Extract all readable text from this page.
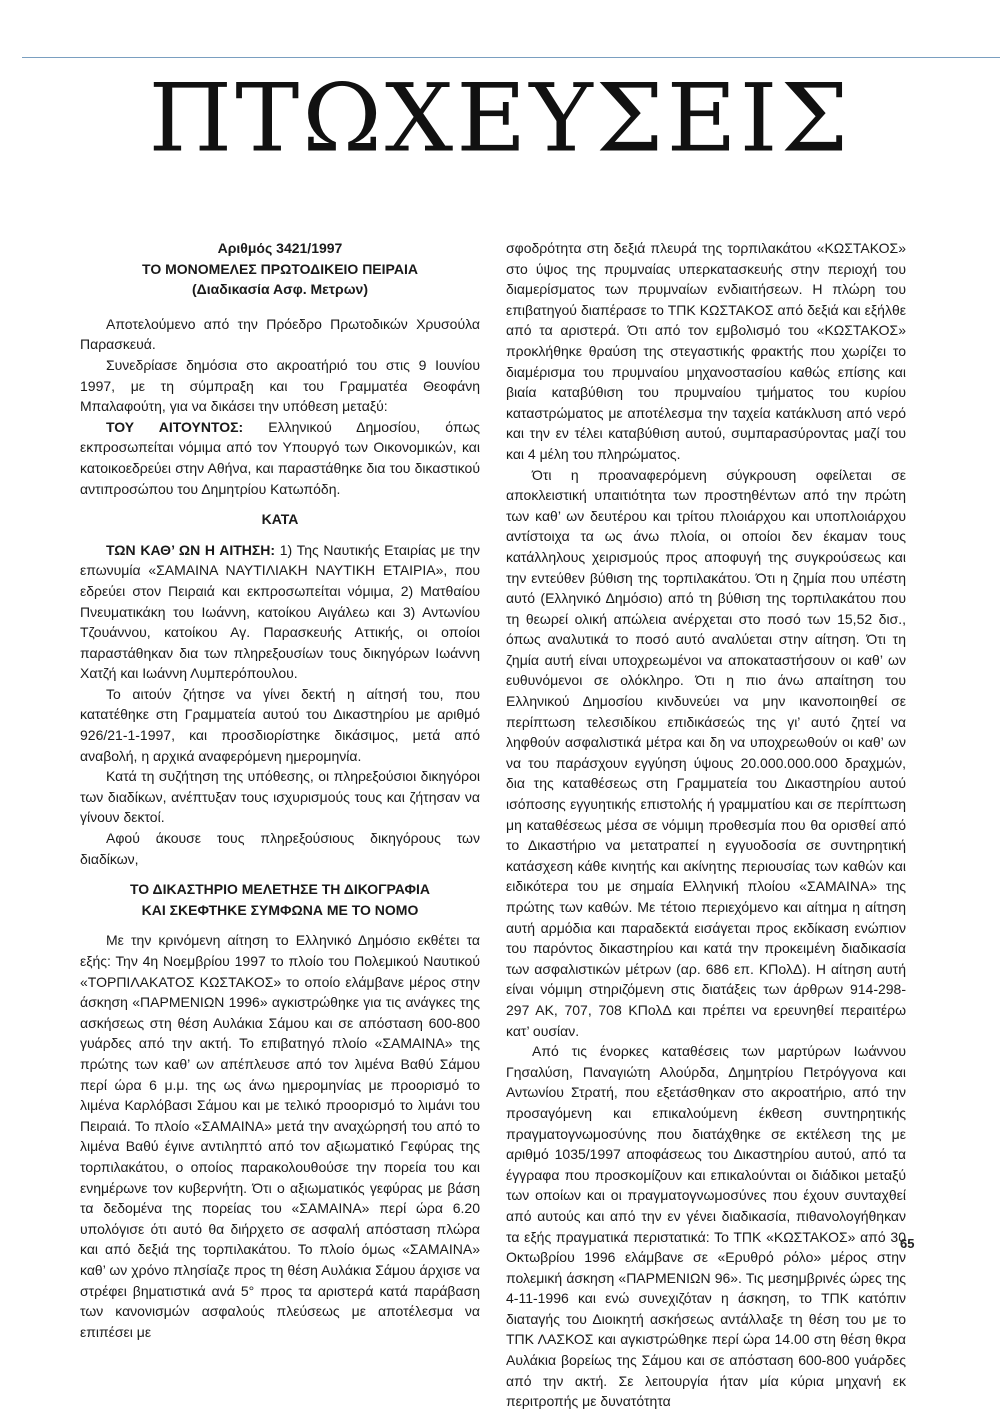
ΠΤΩΧΕΥΣΕΙΣ

Αριθμός 3421/1997

ΤΟ ΜΟΝΟΜΕΛΕΣ ΠΡΩΤΟΔΙΚΕΙΟ ΠΕΙΡΑΙΑ

(Διαδικασία Ασφ. Μετρων)

Αποτελούμενο από την Πρόεδρο Πρωτοδικών Χρυσούλα Παρασκευά.

Συνεδρίασε δημόσια στο ακροατήριό του στις 9 Ιουνίου 1997, με τη σύμπραξη και του Γραμματέα Θεοφάνη Μπαλαφούτη, για να δικάσει την υπόθεση μεταξύ:

ΤΟΥ ΑΙΤΟΥΝΤΟΣ: Ελληνικού Δημοσίου, όπως εκπροσωπείται νόμιμα από τον Υπουργό των Οικονομικών, και κατοικοεδρεύει στην Αθήνα, και παραστάθηκε δια του δικαστικού αντιπροσώπου του Δημητρίου Κατωπόδη.

ΚΑΤΑ

ΤΩΝ ΚΑΘ’ ΩΝ Η ΑΙΤΗΣΗ: 1) Της Ναυτικής Εταιρίας με την επωνυμία «ΣΑΜΑΙΝΑ ΝΑΥΤΙΛΙΑΚΗ ΝΑΥΤΙΚΗ ΕΤΑΙΡΙΑ», που εδρεύει στον Πειραιά και εκπροσωπείται νόμιμα, 2) Ματθαίου Πνευματικάκη του Ιωάννη, κατοίκου Αιγάλεω και 3) Αντωνίου Τζουάννου, κατοίκου Αγ. Παρασκευής Αττικής, οι οποίοι παραστάθηκαν δια των πληρεξουσίων τους δικηγόρων Ιωάννη Χατζή και Ιωάννη Λυμπερόπουλου.

Το αιτούν ζήτησε να γίνει δεκτή η αίτησή του, που κατατέθηκε στη Γραμματεία αυτού του Δικαστηρίου με αριθμό 926/21-1-1997, και προσδιορίστηκε δικάσιμος, μετά από αναβολή, η αρχικά αναφερόμενη ημερομηνία.

Κατά τη συζήτηση της υπόθεσης, οι πληρεξούσιοι δικηγόροι των διαδίκων, ανέπτυξαν τους ισχυρισμούς τους και ζήτησαν να γίνουν δεκτοί.

Αφού άκουσε τους πληρεξούσιους δικηγόρους των διαδίκων,

ΤΟ ΔΙΚΑΣΤΗΡΙΟ ΜΕΛΕΤΗΣΕ ΤΗ ΔΙΚΟΓΡΑΦΙΑ

ΚΑΙ ΣΚΕΦΤΗΚΕ ΣΥΜΦΩΝΑ ΜΕ ΤΟ ΝΟΜΟ

Με την κρινόμενη αίτηση το Ελληνικό Δημόσιο εκθέτει τα εξής: Την 4η Νοεμβρίου 1997 το πλοίο του Πολεμικού Ναυτικού «ΤΟΡΠΙΛΑΚΑΤΟΣ ΚΩΣΤΑΚΟΣ» το οποίο ελάμβανε μέρος στην άσκηση «ΠΑΡΜΕΝΙΩΝ 1996» αγκιστρώθηκε για τις ανάγκες της ασκήσεως στη θέση Αυλάκια Σάμου και σε απόσταση 600-800 γυάρδες από την ακτή. Το επιβατηγό πλοίο «ΣΑΜΑΙΝΑ» της πρώτης των καθ’ ων απέπλευσε από τον λιμένα Βαθύ Σάμου περί ώρα 6 μ.μ. της ως άνω ημερομηνίας με προορισμό το λιμένα Καρλόβασι Σάμου και με τελικό προορισμό το λιμάνι του Πειραιά. Το πλοίο «ΣΑΜΑΙΝΑ» μετά την αναχώρησή του από το λιμένα Βαθύ έγινε αντιληπτό από τον αξιωματικό Γεφύρας της τορπιλακάτου, ο οποίος παρακολουθούσε την πορεία του και ενημέρωνε τον κυβερνήτη. Ότι ο αξιωματικός γεφύρας με βάση τα δεδομένα της πορείας του «ΣΑΜΑΙΝΑ» περί ώρα 6.20 υπολόγισε ότι αυτό θα διήρχετο σε ασφαλή απόσταση πλώρα και από δεξιά της τορπιλακάτου. Το πλοίο όμως «ΣΑΜΑΙΝΑ» καθ’ ων χρόνο πλησίαζε προς τη θέση Αυλάκια Σάμου άρχισε να στρέφει βηματιστικά ανά 5° προς τα αριστερά κατά παράβαση των κανονισμών ασφαλούς πλεύσεως με αποτέλεσμα να επιπέσει με

σφοδρότητα στη δεξιά πλευρά της τορπιλακάτου «ΚΩΣΤΑΚΟΣ» στο ύψος της πρυμναίας υπερκατασκευής στην περιοχή του διαμερίσματος των πρυμναίων ενδιαιτήσεων. Η πλώρη του επιβατηγού διαπέρασε το ΤΠΚ ΚΩΣΤΑΚΟΣ από δεξιά και εξήλθε από τα αριστερά. Ότι από τον εμβολισμό του «ΚΩΣΤΑΚΟΣ» προκλήθηκε θραύση της στεγαστικής φρακτής που χωρίζει το διαμέρισμα του πρυμναίου μηχανοστασίου καθώς επίσης και βιαία καταβύθιση του πρυμναίου τμήματος του κυρίου καταστρώματος με αποτέλεσμα την ταχεία κατάκλυση από νερό και την εν τέλει καταβύθιση αυτού, συμπαρασύροντας μαζί του και 4 μέλη του πληρώματος.

Ότι η προαναφερόμενη σύγκρουση οφείλεται σε αποκλειστική υπαιτιότητα των προστηθέντων από την πρώτη των καθ’ ων δευτέρου και τρίτου πλοιάρχου και υποπλοιάρχου αντίστοιχα τα ως άνω πλοία, οι οποίοι δεν έκαμαν τους κατάλληλους χειρισμούς προς αποφυγή της συγκρούσεως και την εντεύθεν βύθιση της τορπιλακάτου. Ότι η ζημία που υπέστη αυτό (Ελληνικό Δημόσιο) από τη βύθιση της τορπιλακάτου που τη θεωρεί ολική απώλεια ανέρχεται στο ποσό των 15,52 δισ., όπως αναλυτικά το ποσό αυτό αναλύεται στην αίτηση. Ότι τη ζημία αυτή είναι υποχρεωμένοι να αποκαταστήσουν οι καθ’ ων ευθυνόμενοι σε ολόκληρο. Ότι η πιο άνω απαίτηση του Ελληνικού Δημοσίου κινδυνεύει να μην ικανοποιηθεί σε περίπτωση τελεσιδίκου επιδικάσεώς της γι’ αυτό ζητεί να ληφθούν ασφαλιστικά μέτρα και δη να υποχρεωθούν οι καθ’ ων να του παράσχουν εγγύηση ύψους 20.000.000.000 δραχμών, δια της καταθέσεως στη Γραμματεία του Δικαστηρίου αυτού ισόποσης εγγυητικής επιστολής ή γραμματίου και σε περίπτωση μη καταθέσεως μέσα σε νόμιμη προθεσμία που θα ορισθεί από το Δικαστήριο να μετατραπεί η εγγυοδοσία σε συντηρητική κατάσχεση κάθε κινητής και ακίνητης περιουσίας των καθών και ειδικότερα του με σημαία Ελληνική πλοίου «ΣΑΜΑΙΝΑ» της πρώτης των καθών. Με τέτοιο περιεχόμενο και αίτημα η αίτηση αυτή αρμόδια και παραδεκτά εισάγεται προς εκδίκαση ενώπιον του παρόντος δικαστηρίου και κατά την προκειμένη διαδικασία των ασφαλιστικών μέτρων (αρ. 686 επ. ΚΠολΔ). Η αίτηση αυτή είναι νόμιμη στηριζόμενη στις διατάξεις των άρθρων 914-298-297 ΑΚ, 707, 708 ΚΠολΔ και πρέπει να ερευνηθεί περαιτέρω κατ’ ουσίαν.

Από τις ένορκες καταθέσεις των μαρτύρων Ιωάννου Γησαλύση, Παναγιώτη Αλούρδα, Δημητρίου Πετρόγγονα και Αντωνίου Στρατή, που εξετάσθηκαν στο ακροατήριο, από την προσαγόμενη και επικαλούμενη έκθεση συντηρητικής πραγματογνωμοσύνης που διατάχθηκε σε εκτέλεση της με αριθμό 1035/1997 αποφάσεως του Δικαστηρίου αυτού, από τα έγγραφα που προσκομίζουν και επικαλούνται οι διάδικοι μεταξύ των οποίων και οι πραγματογνωμοσύνες που έχουν συνταχθεί από αυτούς και από την εν γένει διαδικασία, πιθανολογήθηκαν τα εξής πραγματικά περιστατικά: Το ΤΠΚ «ΚΩΣΤΑΚΟΣ» από 30 Οκτωβρίου 1996 ελάμβανε σε «Ερυθρό ρόλο» μέρος στην πολεμική άσκηση «ΠΑΡΜΕΝΙΩΝ 96». Τις μεσημβρινές ώρες της 4-11-1996 και ενώ συνεχιζόταν η άσκηση, το ΤΠΚ κατόπιν διαταγής του Διοικητή ασκήσεως αντάλλαξε τη θέση του με το ΤΠΚ ΛΑΣΚΟΣ και αγκιστρώθηκε περί ώρα 14.00 στη θέση θκρα Αυλάκια βορείως της Σάμου και σε απόσταση 600-800 γυάρδες από την ακτή. Σε λειτουργία ήταν μία κύρια μηχανή εκ περιτροπής με δυνατότητα

65
